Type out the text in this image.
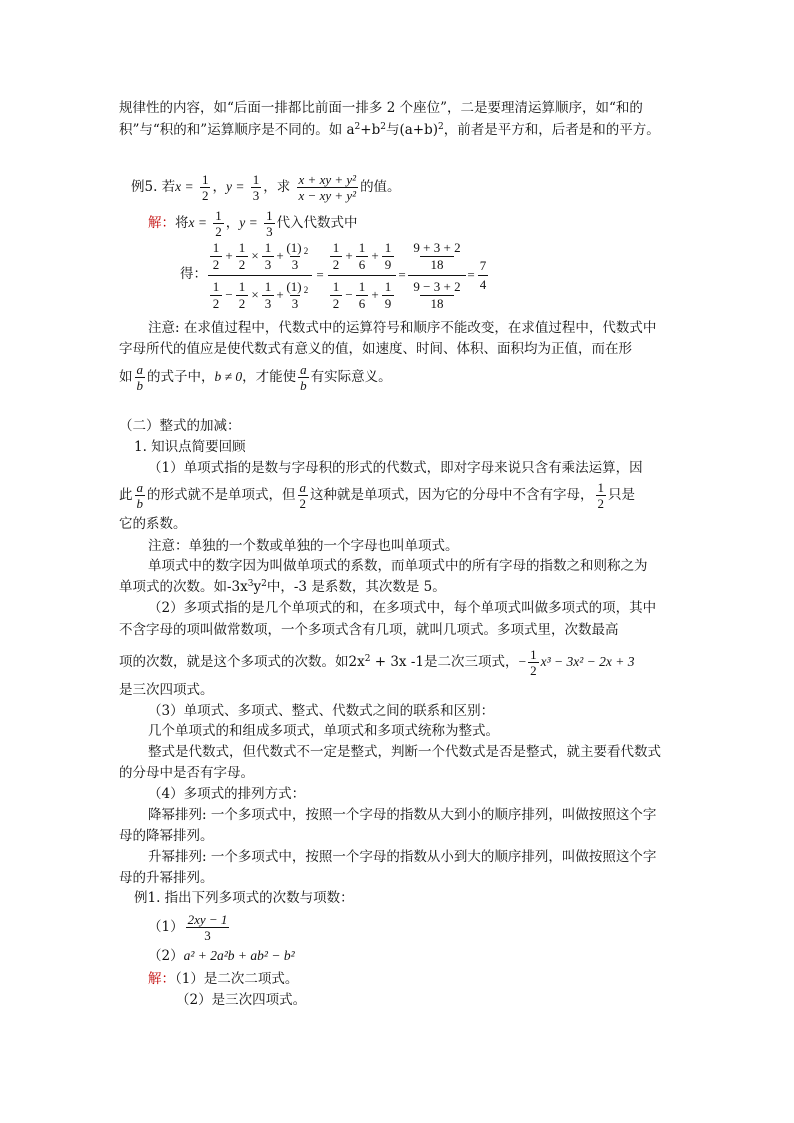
规律性的内容，如“后面一排都比前面一排多 2 个座位”，二是要理清运算顺序，如“和的
积”与“积的和”运算顺序是不同的。如 $a^2+b^2$与$(a+b)^2$，前者是平方和，后者是和的平方。
例5. 若$x = \frac{1}{2}$ ，$y = \frac{1}{3}$ ，求 $\frac{\text{x + xy + y²}}{\text{x − xy + y²}}$ 的值。
解：将$x = \frac{1}{2}$ ，$y = \frac{1}{3}$ 代入代数式中
得：
1
2
+
1
2
×
1
3
+
(1)
3
2
1
2
−
1
2
×
1
3
+
(1)
3
2
=
1
2
+
1
6
+
1
9
1
2
−
1
6
+
1
9
=
9 + 3 + 2
18
9 − 3 + 2
18
=
7
4
注意: 在求值过程中，代数式中的运算符号和顺序不能改变，在求值过程中，代数式中
字母所代的值应是使代数式有意义的值，如速度、时间、体积、面积均为正值，而在形
如 $\frac{a}{b}$ 的式子中，b ≠ 0，才能使 $\frac{a}{b}$ 有实际意义。
（二）整式的加减：
1. 知识点简要回顾
（1）单项式指的是数与字母积的形式的代数式，即对字母来说只含有乘法运算，因
此 $\frac{a}{b}$ 的形式就不是单项式，但 $\frac{a}{2}$ 这种就是单项式，因为它的分母中不含有字母， $\frac{1}{2}$ 只是
它的系数。
注意：单独的一个数或单独的一个字母也叫单项式。
单项式中的数字因为叫做单项式的系数，而单项式中的所有字母的指数之和则称之为
单项式的次数。如$-3x^3y^2$中，-3 是系数，其次数是 5。
（2）多项式指的是几个单项式的和，在多项式中，每个单项式叫做多项式的项，其中
不含字母的项叫做常数项，一个多项式含有几项，就叫几项式。多项式里，次数最高
项的次数，就是这个多项式的次数。如$2x^2 + 3x$ -1是二次三项式，− $\frac{1}{2} x^3 - 3x^2 - 2x + 3$
是三次四项式。
（3）单项式、多项式、整式、代数式之间的联系和区别：
几个单项式的和组成多项式，单项式和多项式统称为整式。
整式是代数式，但代数式不一定是整式，判断一个代数式是否是整式，就主要看代数式
的分母中是否有字母。
（4）多项式的排列方式：
降幂排列: 一个多项式中，按照一个字母的指数从大到小的顺序排列，叫做按照这个字
母的降幂排列。
升幂排列: 一个多项式中，按照一个字母的指数从小到大的顺序排列，叫做按照这个字
母的升幂排列。
例1. 指出下列多项式的次数与项数：
$(1) \frac{2xy - 1}{3}$
（2）a² + 2a²b + ab² − b²
解：（1）是二次二项式。
（2）是三次四项式。
